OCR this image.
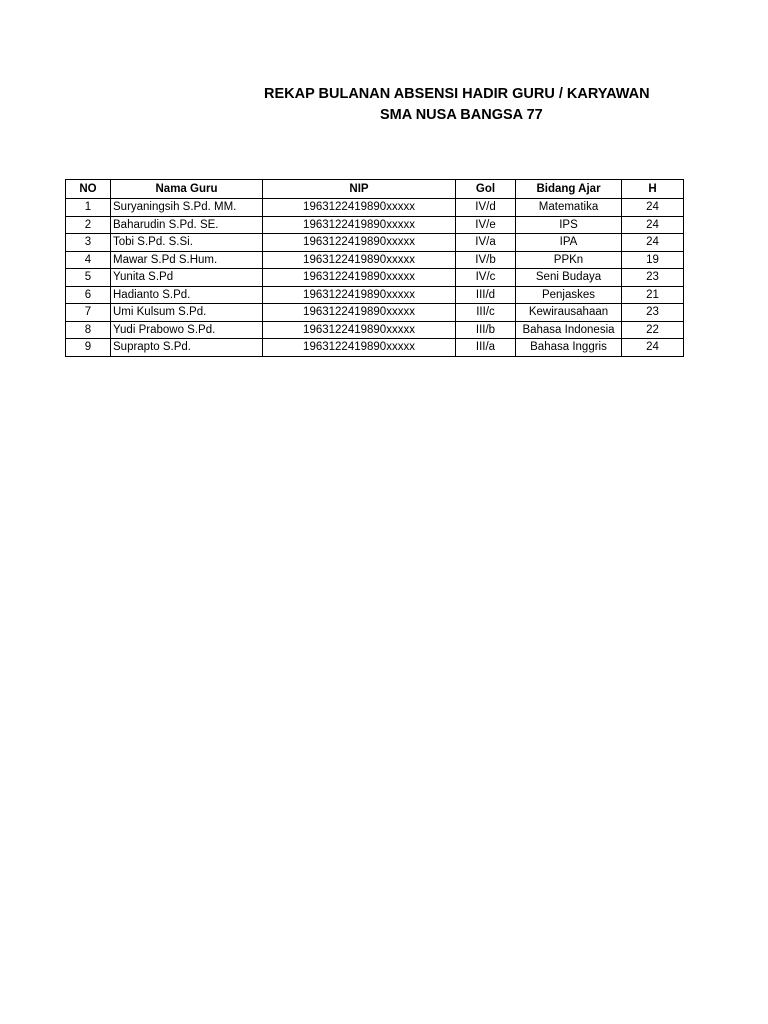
REKAP BULANAN ABSENSI HADIR GURU / KARYAWAN
SMA NUSA BANGSA 77
NO	Nama Guru	NIP	Gol	Bidang Ajar	H
1	Suryaningsih S.Pd. MM.	1963122419890xxxxx	IV/d	Matematika	24
2	Baharudin S.Pd. SE.	1963122419890xxxxx	IV/e	IPS	24
3	Tobi S.Pd. S.Si.	1963122419890xxxxx	IV/a	IPA	24
4	Mawar S.Pd S.Hum.	1963122419890xxxxx	IV/b	PPKn	19
5	Yunita S.Pd	1963122419890xxxxx	IV/c	Seni Budaya	23
6	Hadianto S.Pd.	1963122419890xxxxx	III/d	Penjaskes	21
7	Umi Kulsum S.Pd.	1963122419890xxxxx	III/c	Kewirausahaan	23
8	Yudi Prabowo S.Pd.	1963122419890xxxxx	III/b	Bahasa Indonesia	22
9	Suprapto S.Pd.	1963122419890xxxxx	III/a	Bahasa Inggris	24
